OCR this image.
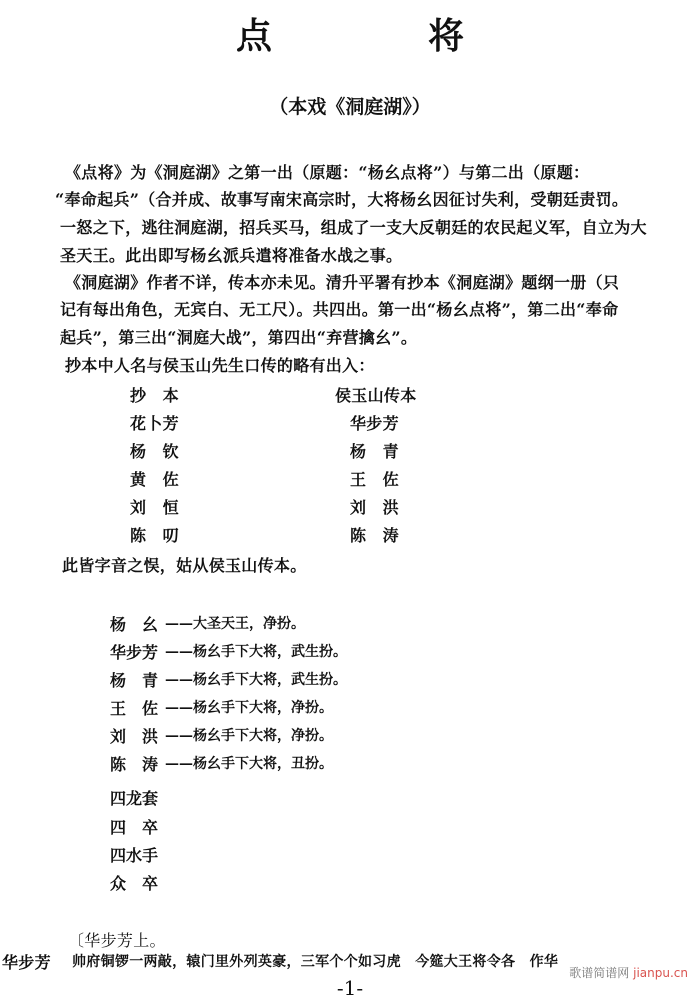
点　将
（本戏《洞庭湖》）
《点将》为《洞庭湖》之第一出（原题：“杨幺点将”）与第二出（原题：
“奉命起兵”（合并成、故事写南宋高宗时，大将杨幺因征讨失利，受朝廷责罚。
一怒之下，逃往洞庭湖，招兵买马，组成了一支大反朝廷的农民起义军，自立为大
圣天王。此出即写杨幺派兵遣将准备水战之事。
《洞庭湖》作者不详，传本亦未见。清升平署有抄本《洞庭湖》题纲一册（只
记有每出角色，无宾白、无工尺）。共四出。第一出“杨幺点将”，第二出“奉命
起兵”，第三出“洞庭大战”，第四出“弃营擒幺”。
抄本中人名与侯玉山先生口传的略有出入：
抄　本	侯玉山传本
花卜芳	华步芳
杨　钦	杨　青
黄　佐	王　佐
刘　恒	刘　洪
陈　叨	陈　涛
此皆字音之悮，姑从侯玉山传本。
杨　幺 ——大圣天王，净扮。
华步芳 ——杨幺手下大将，武生扮。
杨　青 ——杨幺手下大将，武生扮。
王　佐 ——杨幺手下大将，净扮。
刘　洪 ——杨幺手下大将，净扮。
陈　涛 ——杨幺手下大将，丑扮。
四龙套
四　卒
四水手
众　卒
〔华步芳上。
华步芳 帅府铜锣一两敲，辕门里外列英豪，三军个个如习虎　今筵大王将令各　作华
-1-
歌谱简谱网 jianpu.cn
